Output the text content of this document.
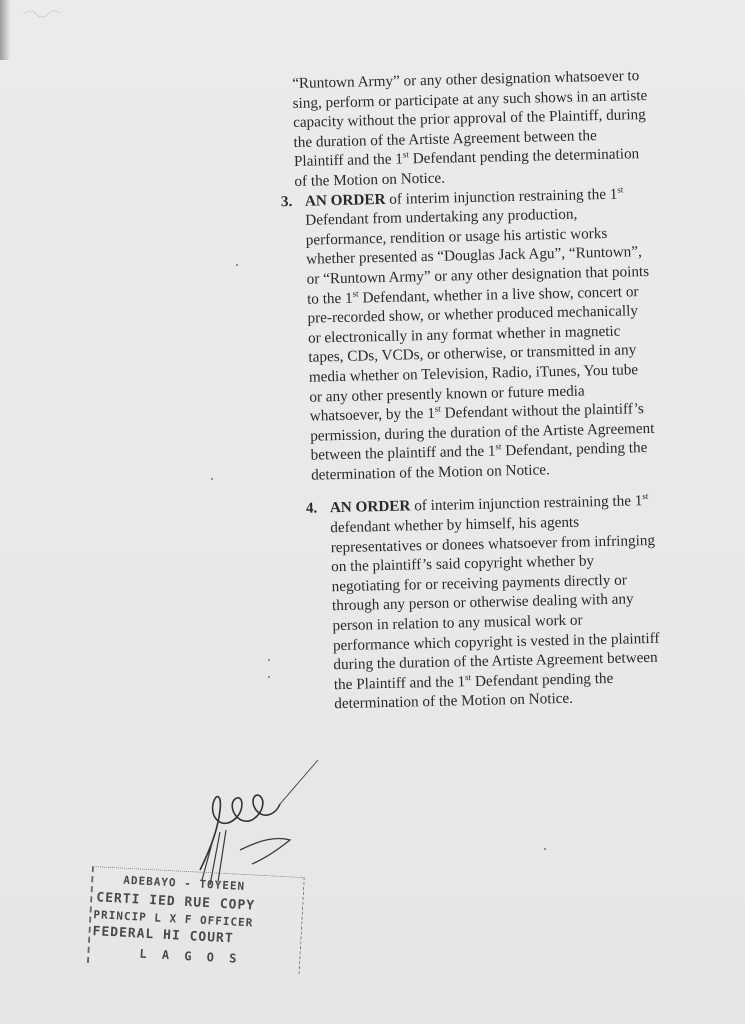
“Runtown Army” or any other designation whatsoever to sing, perform or participate at any such shows in an artiste capacity without the prior approval of the Plaintiff, during the duration of the Artiste Agreement between the Plaintiff and the 1st Defendant pending the determination of the Motion on Notice.

3. AN ORDER of interim injunction restraining the 1st Defendant from undertaking any production, performance, rendition or usage his artistic works whether presented as “Douglas Jack Agu”, “Runtown”, or “Runtown Army” or any other designation that points to the 1st Defendant, whether in a live show, concert or pre-recorded show, or whether produced mechanically or electronically in any format whether in magnetic tapes, CDs, VCDs, or otherwise, or transmitted in any media whether on Television, Radio, iTunes, You tube or any other presently known or future media whatsoever, by the 1st Defendant without the plaintiff’s permission, during the duration of the Artiste Agreement between the plaintiff and the 1st Defendant, pending the determination of the Motion on Notice.

4. AN ORDER of interim injunction restraining the 1st defendant whether by himself, his agents representatives or donees whatsoever from infringing on the plaintiff’s said copyright whether by negotiating for or receiving payments directly or through any person or otherwise dealing with any person in relation to any musical work or performance which copyright is vested in the plaintiff during the duration of the Artiste Agreement between the Plaintiff and the 1st Defendant pending the determination of the Motion on Notice.

ADEBAYO - TOYEEN
CERTI IED RUE COPY
PRINCIP L X F OFFICER
FEDERAL HI COURT
L A G O S
